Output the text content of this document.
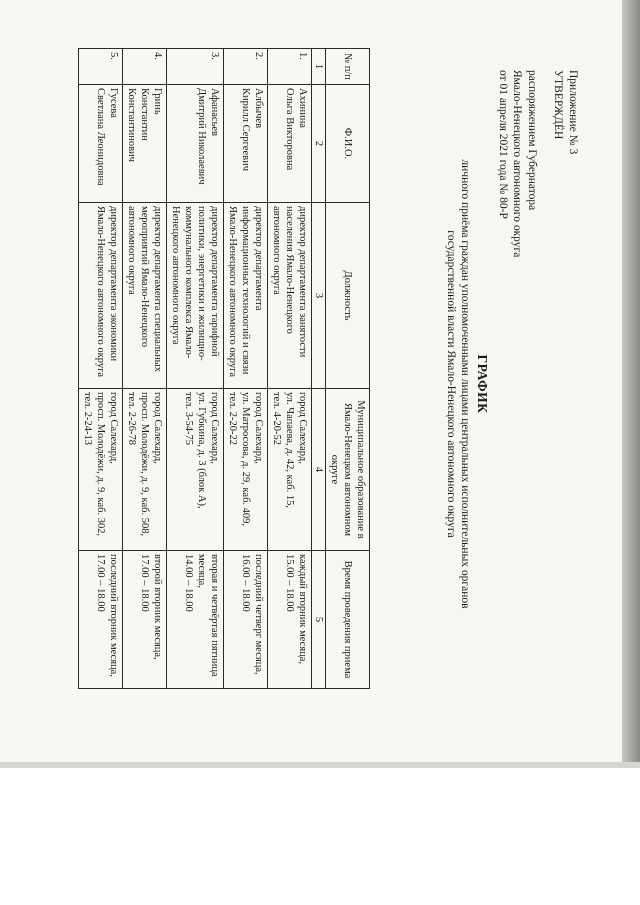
Приложение № 3
УТВЕРЖДЁН
распоряжением Губернатора
Ямало-Ненецкого автономного округа
от 01 апреля 2021 года № 80-Р
ГРАФИК
личного приёма граждан уполномоченными лицами центральных исполнительных органов
государственной власти Ямало-Ненецкого автономного округа
№ п/п	Ф.И.О.	Должность	Муниципальное образование в Ямало-Ненецком автономном округе	Время проведения приема
1	2	3	4	5
1.	Ахинина
Ольга Викторовна	директор департамента занятости населения Ямало-Ненецкого автономного округа	город Салехард,
ул. Чапаева, д. 42, каб. 15,
тел. 4-20-52	каждый вторник месяца,
15.00 – 18.00

2.	Албычев
Кирилл Сергеевич	директор департамента информационных технологий и связи Ямало-Ненецкого автономного округа	город Салехард,
ул. Матросова, д. 29, каб. 409,
тел. 2-20-22	последний четверг месяца,
16.00 – 18.00

3.	Афанасьев
Дмитрий Николаевич	директор департамента тарифной политики, энергетики и жилищно-коммунального комплекса Ямало-Ненецкого автономного округа	город Салехард,
ул. Губкина, д. 3 (блок А),
тел. 3-54-75	вторая и четвёртая пятница месяца,
14.00 – 18.00

4.	Гринь
Константин
Константинович	директор департамента специальных мероприятий Ямало-Ненецкого автономного округа	город Салехард,
просп. Молодёжи, д. 9, каб. 508,
тел. 2-26-78	второй вторник месяца,
17.00 – 18.00

5.	Гусева
Светлана Леонидовна	директор департамента экономики Ямало-Ненецкого автономного округа	город Салехард,
просп. Молодёжи, д. 9, каб. 302,
тел. 2-24-13	последний вторник месяца,
17.00 – 18.00
